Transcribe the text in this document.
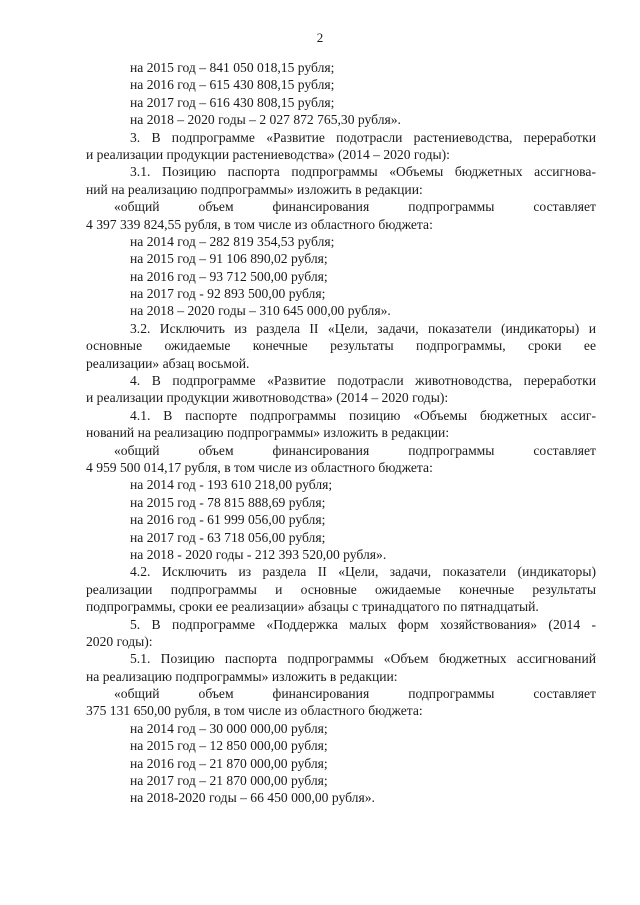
2
на 2015 год – 841 050 018,15 рубля;
на 2016 год – 615 430 808,15 рубля;
на 2017 год – 616 430 808,15 рубля;
на 2018 – 2020 годы – 2 027 872 765,30 рубля».
3. В подпрограмме «Развитие подотрасли растениеводства, переработки
и реализации продукции растениеводства» (2014 – 2020 годы):
3.1. Позицию паспорта подпрограммы «Объемы бюджетных ассигнова-
ний на реализацию подпрограммы» изложить в редакции:
«общий объем финансирования подпрограммы составляет
4 397 339 824,55 рубля, в том числе из областного бюджета:
на 2014 год – 282 819 354,53 рубля;
на 2015 год – 91 106 890,02 рубля;
на 2016 год – 93 712 500,00 рубля;
на 2017 год - 92 893 500,00 рубля;
на 2018 – 2020 годы – 310 645 000,00 рубля».
3.2. Исключить из раздела II «Цели, задачи, показатели (индикаторы) и
основные ожидаемые конечные результаты подпрограммы, сроки ее
реализации» абзац восьмой.
4. В подпрограмме «Развитие подотрасли животноводства, переработки
и реализации продукции животноводства» (2014 – 2020 годы):
4.1. В паспорте подпрограммы позицию «Объемы бюджетных ассиг-
нований на реализацию подпрограммы» изложить в редакции:
«общий объем финансирования подпрограммы составляет
4 959 500 014,17 рубля, в том числе из областного бюджета:
на 2014 год - 193 610 218,00 рубля;
на 2015 год - 78 815 888,69 рубля;
на 2016 год - 61 999 056,00 рубля;
на 2017 год - 63 718 056,00 рубля;
на 2018 - 2020 годы - 212 393 520,00 рубля».
4.2. Исключить из раздела II «Цели, задачи, показатели (индикаторы)
реализации подпрограммы и основные ожидаемые конечные результаты
подпрограммы, сроки ее реализации» абзацы с тринадцатого по пятнадцатый.
5. В подпрограмме «Поддержка малых форм хозяйствования» (2014 -
2020 годы):
5.1. Позицию паспорта подпрограммы «Объем бюджетных ассигнований
на реализацию подпрограммы» изложить в редакции:
«общий объем финансирования подпрограммы составляет
375 131 650,00 рубля, в том числе из областного бюджета:
на 2014 год – 30 000 000,00 рубля;
на 2015 год – 12 850 000,00 рубля;
на 2016 год – 21 870 000,00 рубля;
на 2017 год – 21 870 000,00 рубля;
на 2018-2020 годы – 66 450 000,00 рубля».
